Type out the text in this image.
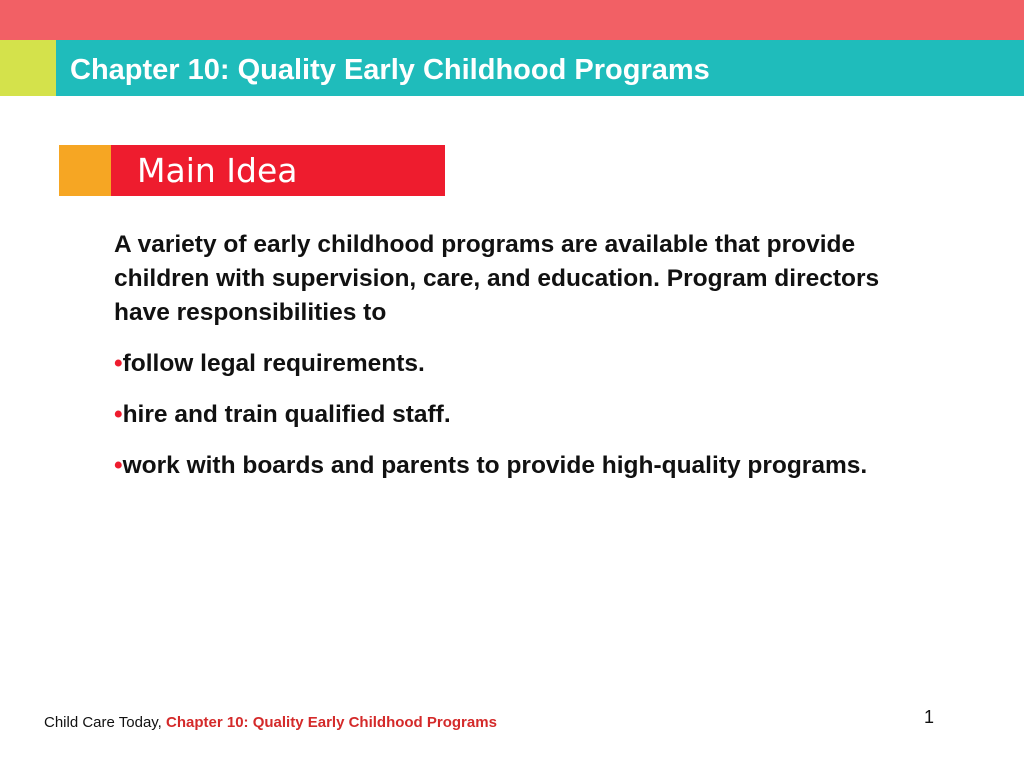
Chapter 10: Quality Early Childhood Programs
Main Idea

A variety of early childhood programs are available that provide children with supervision, care, and education. Program directors have responsibilities to

•follow legal requirements.

•hire and train qualified staff.

•work with boards and parents to provide high-quality programs.

Child Care Today, Chapter 10: Quality Early Childhood Programs	1
